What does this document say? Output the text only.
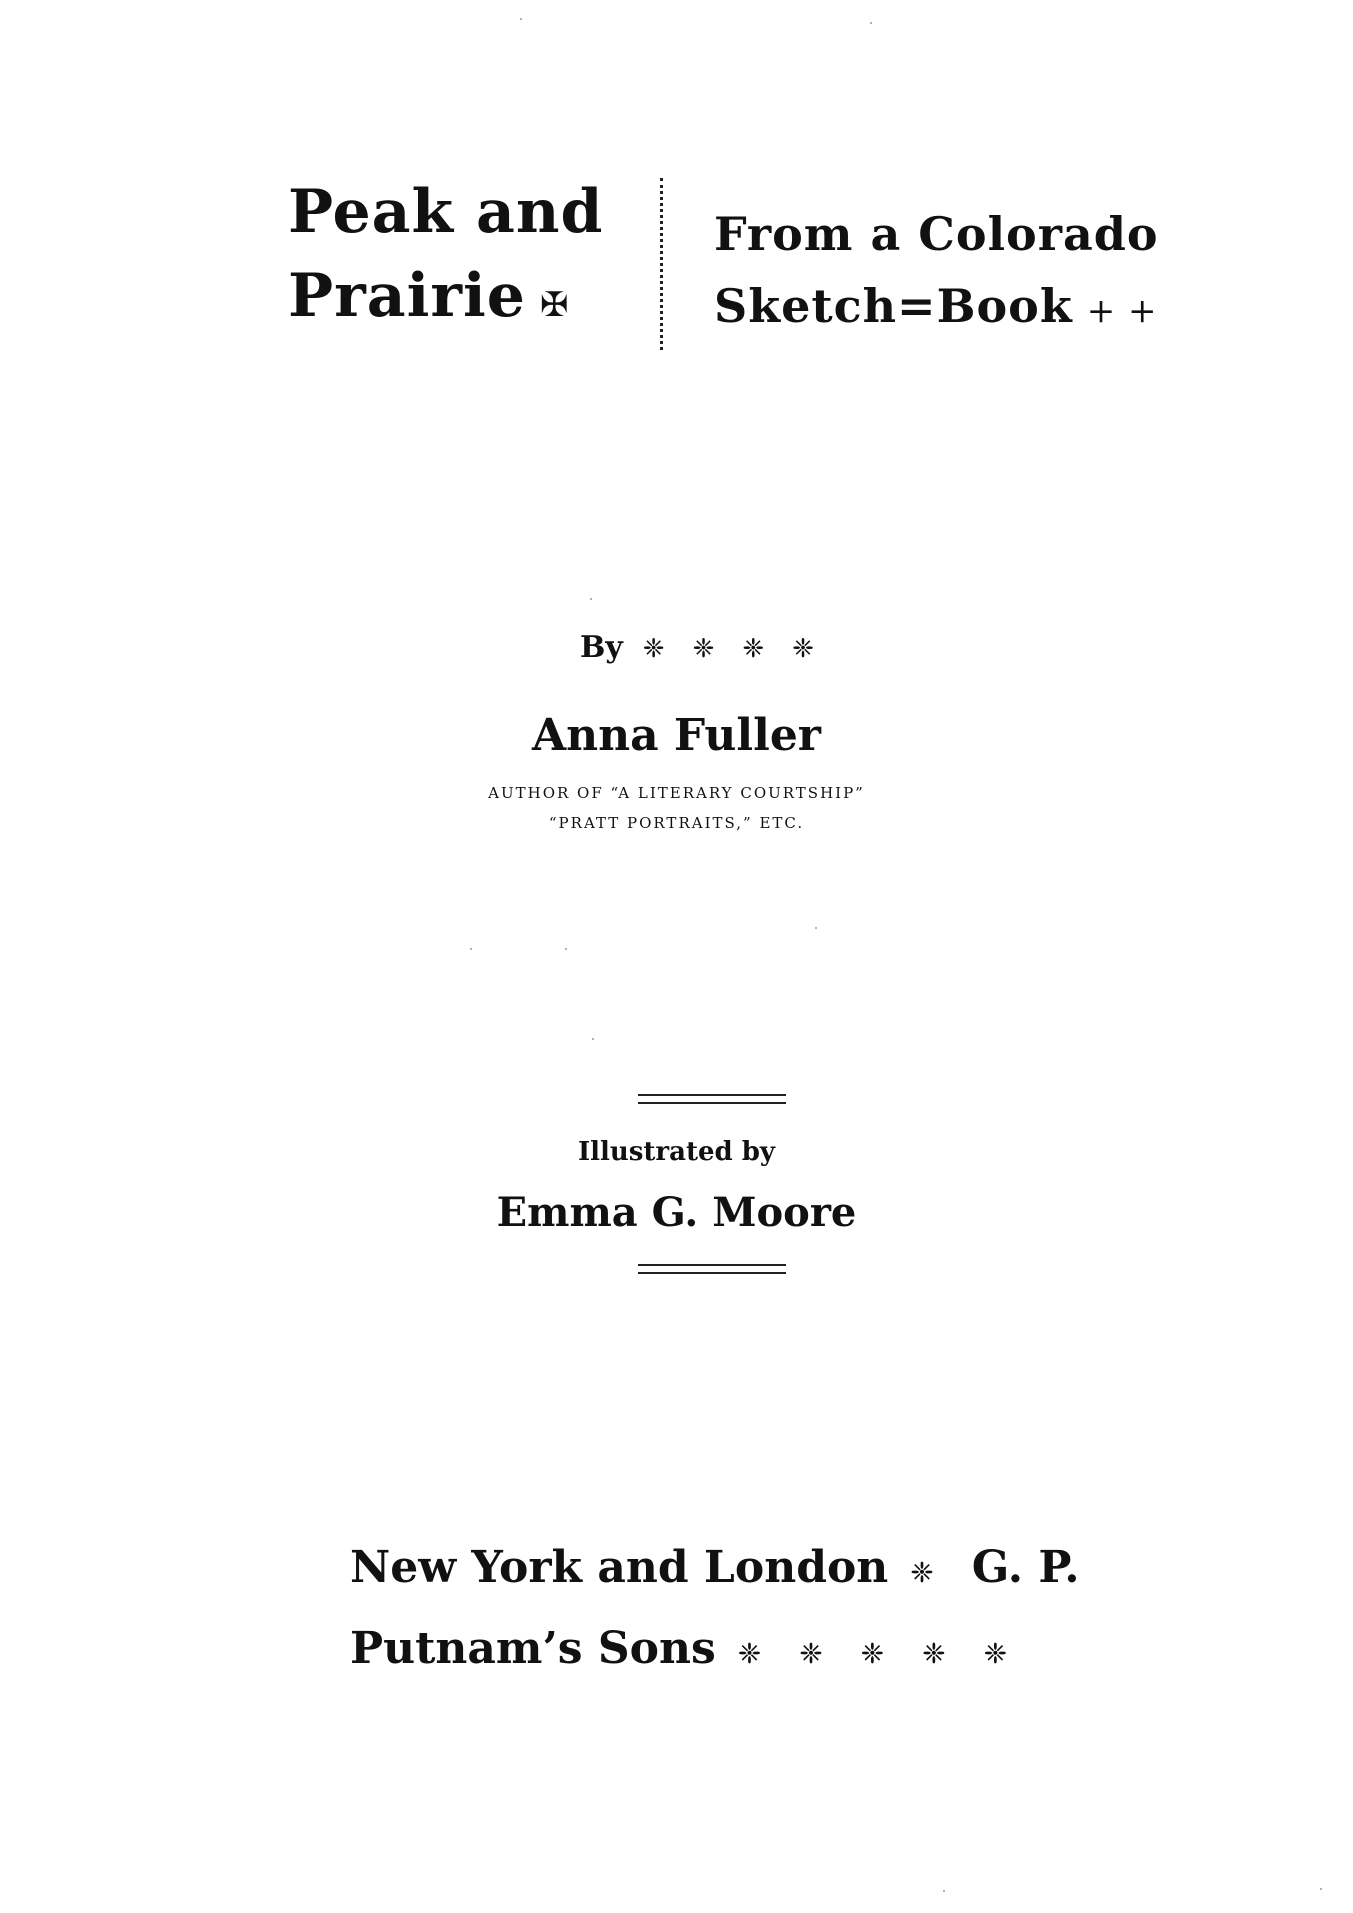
Peak and
Prairie ✠
From a Colorado
Sketch=Book + +
By ❈❈❈❈
Anna Fuller
AUTHOR OF “A LITERARY COURTSHIP”
“PRATT PORTRAITS,” ETC.
Illustrated by
Emma G. Moore
New York and London ❈G. P.
Putnam’s Sons ❈❈❈❈❈
